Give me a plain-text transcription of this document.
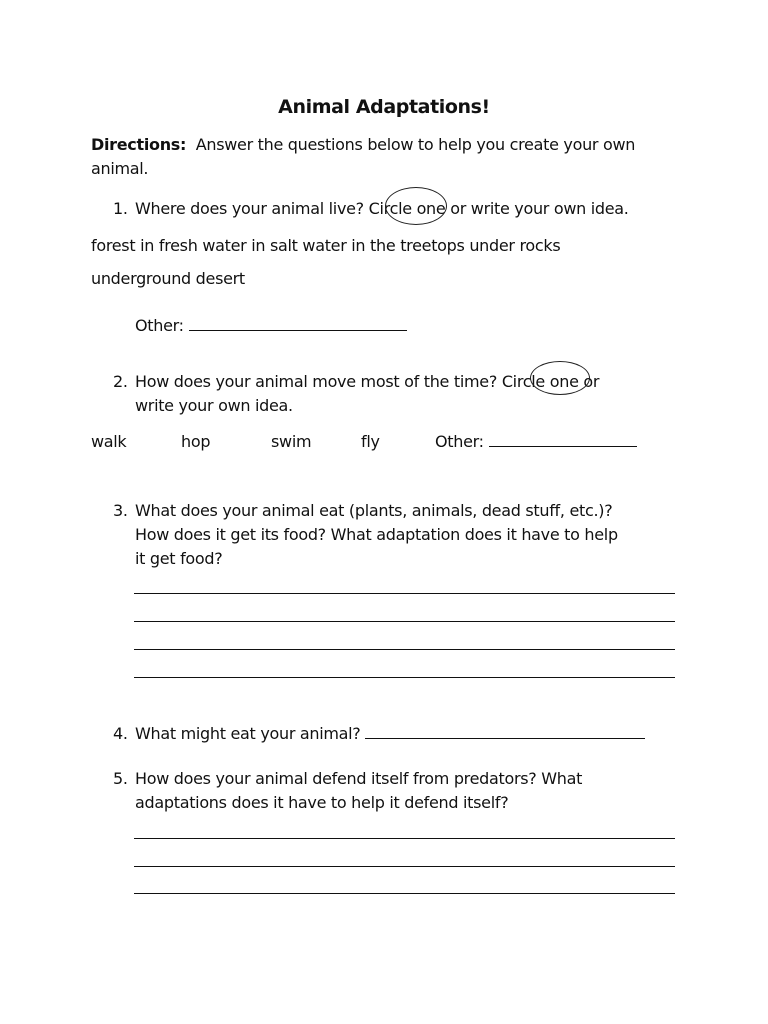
Animal Adaptations!
Directions: Answer the questions below to help you create your own
animal.
1. Where does your animal live? Circle one or write your own idea.
forest in fresh water in salt water in the treetops under rocks
underground desert
Other:
2. How does your animal move most of the time? Circle one or
write your own idea.
walk	hop	swim	fly	Other:
3. What does your animal eat (plants, animals, dead stuff, etc.)?
How does it get its food? What adaptation does it have to help
it get food?
4. What might eat your animal?
5. How does your animal defend itself from predators? What
adaptations does it have to help it defend itself?
